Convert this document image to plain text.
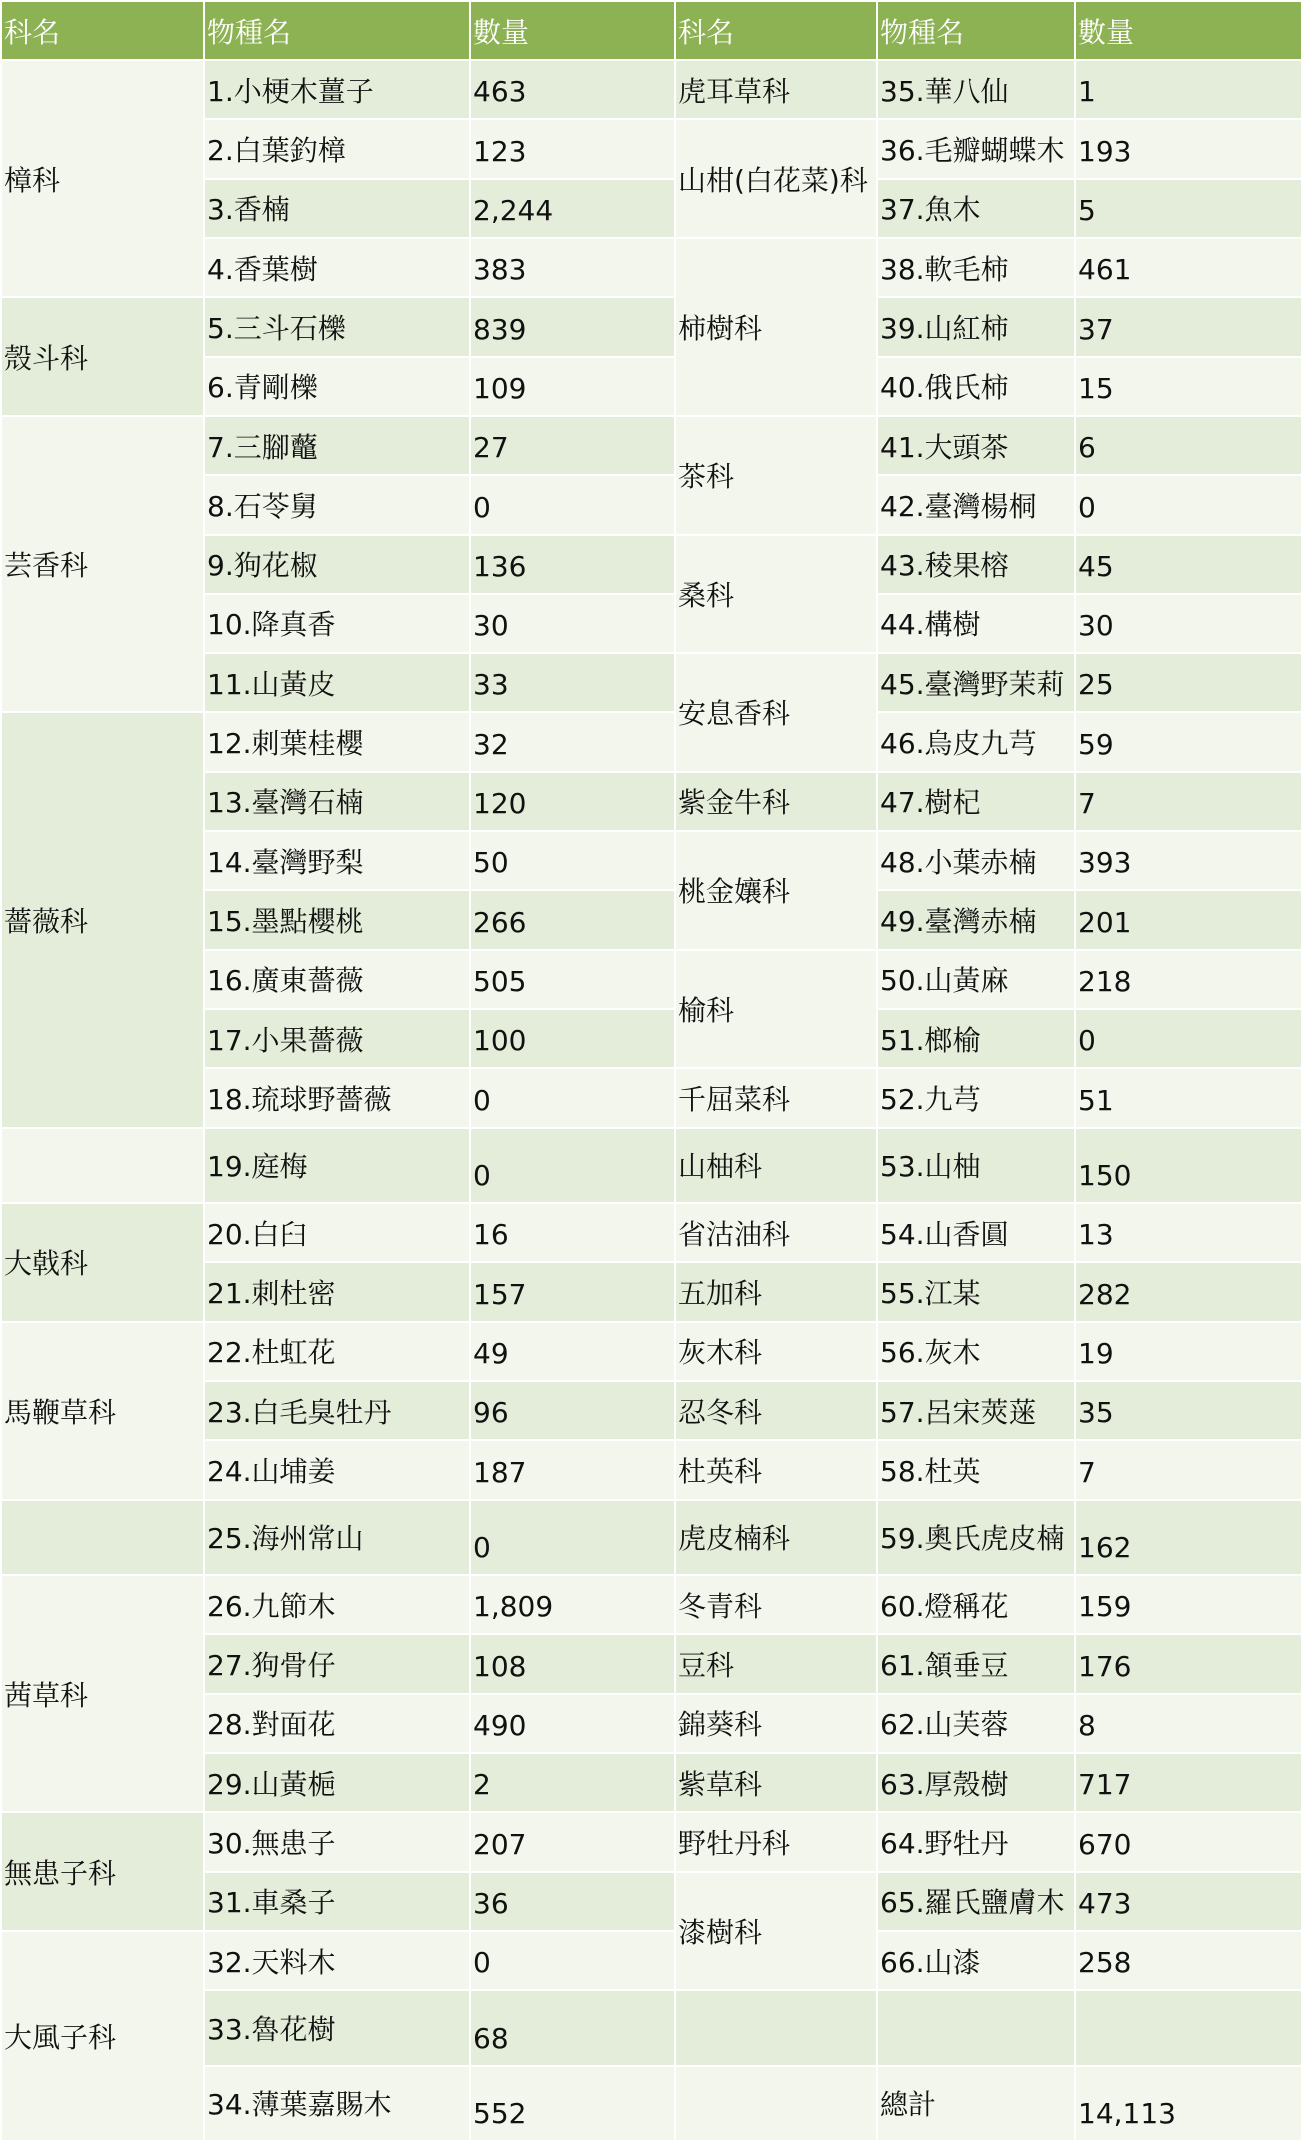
科名	物種名	數量	科名	物種名	數量
樟科	1.小梗木薑子	463	虎耳草科	35.華八仙	1
	2.白葉釣樟	123	山柑(白花菜)科	36.毛瓣蝴蝶木	193
	3.香楠	2,244		37.魚木	5
	4.香葉樹	383	柿樹科	38.軟毛柿	461
殼斗科	5.三斗石櫟	839		39.山紅柿	37
	6.青剛櫟	109		40.俄氏柿	15
芸香科	7.三腳虌	27	茶科	41.大頭茶	6
	8.石苓舅	0		42.臺灣楊桐	0
	9.狗花椒	136	桑科	43.稜果榕	45
	10.降真香	30		44.構樹	30
	11.山黃皮	33	安息香科	45.臺灣野茉莉	25
薔薇科	12.刺葉桂櫻	32		46.烏皮九芎	59
	13.臺灣石楠	120	紫金牛科	47.樹杞	7
	14.臺灣野梨	50	桃金孃科	48.小葉赤楠	393
	15.墨點櫻桃	266		49.臺灣赤楠	201
	16.廣東薔薇	505	榆科	50.山黃麻	218
	17.小果薔薇	100		51.榔榆	0
	18.琉球野薔薇	0	千屈菜科	52.九芎	51
	19.庭梅	0	山柚科	53.山柚	150
大戟科	20.白臼	16	省沽油科	54.山香圓	13
	21.刺杜密	157	五加科	55.江某	282
馬鞭草科	22.杜虹花	49	灰木科	56.灰木	19
	23.白毛臭牡丹	96	忍冬科	57.呂宋莢蒾	35
	24.山埔姜	187	杜英科	58.杜英	7
	25.海州常山	0	虎皮楠科	59.奧氏虎皮楠	162
茜草科	26.九節木	1,809	冬青科	60.燈稱花	159
	27.狗骨仔	108	豆科	61.頷垂豆	176
	28.對面花	490	錦葵科	62.山芙蓉	8
	29.山黃梔	2	紫草科	63.厚殼樹	717
無患子科	30.無患子	207	野牡丹科	64.野牡丹	670
	31.車桑子	36	漆樹科	65.羅氏鹽膚木	473
大風子科	32.天料木	0		66.山漆	258
	33.魯花樹	68			
	34.薄葉嘉賜木	552		總計	14,113
